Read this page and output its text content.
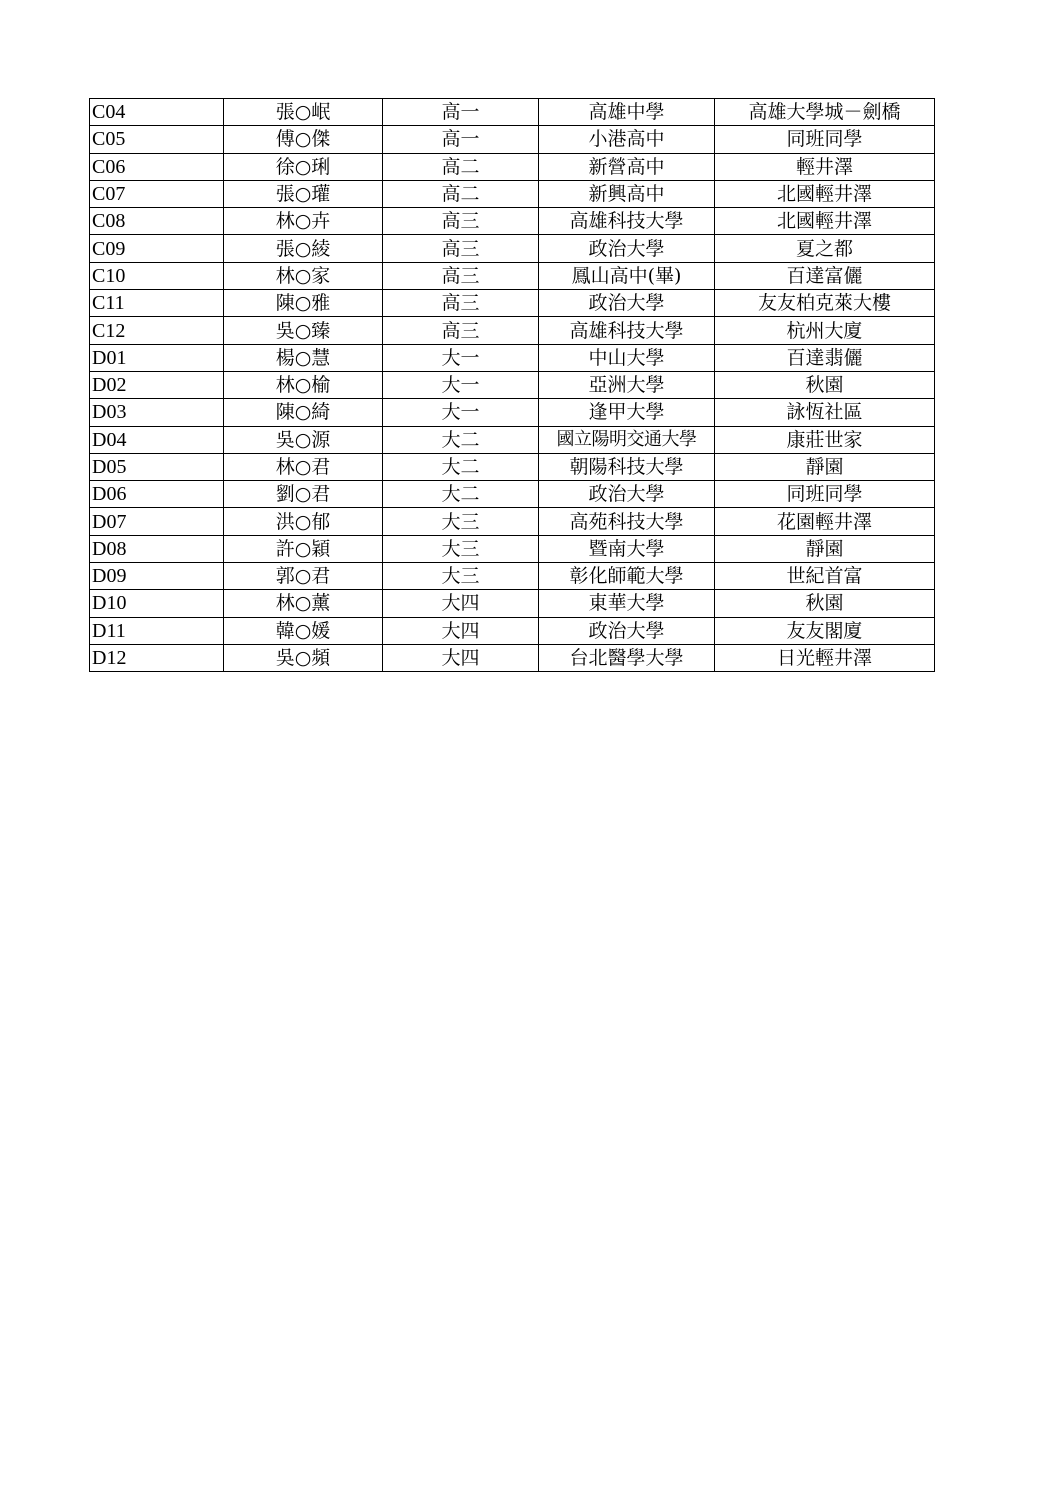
C04	張○岷	高一	高雄中學	高雄大學城－劍橋
C05	傅○傑	高一	小港高中	同班同學
C06	徐○琍	高二	新營高中	輕井澤
C07	張○瓘	高二	新興高中	北國輕井澤
C08	林○卉	高三	高雄科技大學	北國輕井澤
C09	張○綾	高三	政治大學	夏之都
C10	林○家	高三	鳳山高中(畢)	百達富儷
C11	陳○雅	高三	政治大學	友友柏克萊大樓
C12	吳○臻	高三	高雄科技大學	杭州大廈
D01	楊○慧	大一	中山大學	百達翡儷
D02	林○榆	大一	亞洲大學	秋園
D03	陳○綺	大一	逢甲大學	詠恆社區
D04	吳○源	大二	國立陽明交通大學	康莊世家
D05	林○君	大二	朝陽科技大學	靜園
D06	劉○君	大二	政治大學	同班同學
D07	洪○郁	大三	高苑科技大學	花園輕井澤
D08	許○穎	大三	暨南大學	靜園
D09	郭○君	大三	彰化師範大學	世紀首富
D10	林○薰	大四	東華大學	秋園
D11	韓○媛	大四	政治大學	友友閣廈
D12	吳○頻	大四	台北醫學大學	日光輕井澤
